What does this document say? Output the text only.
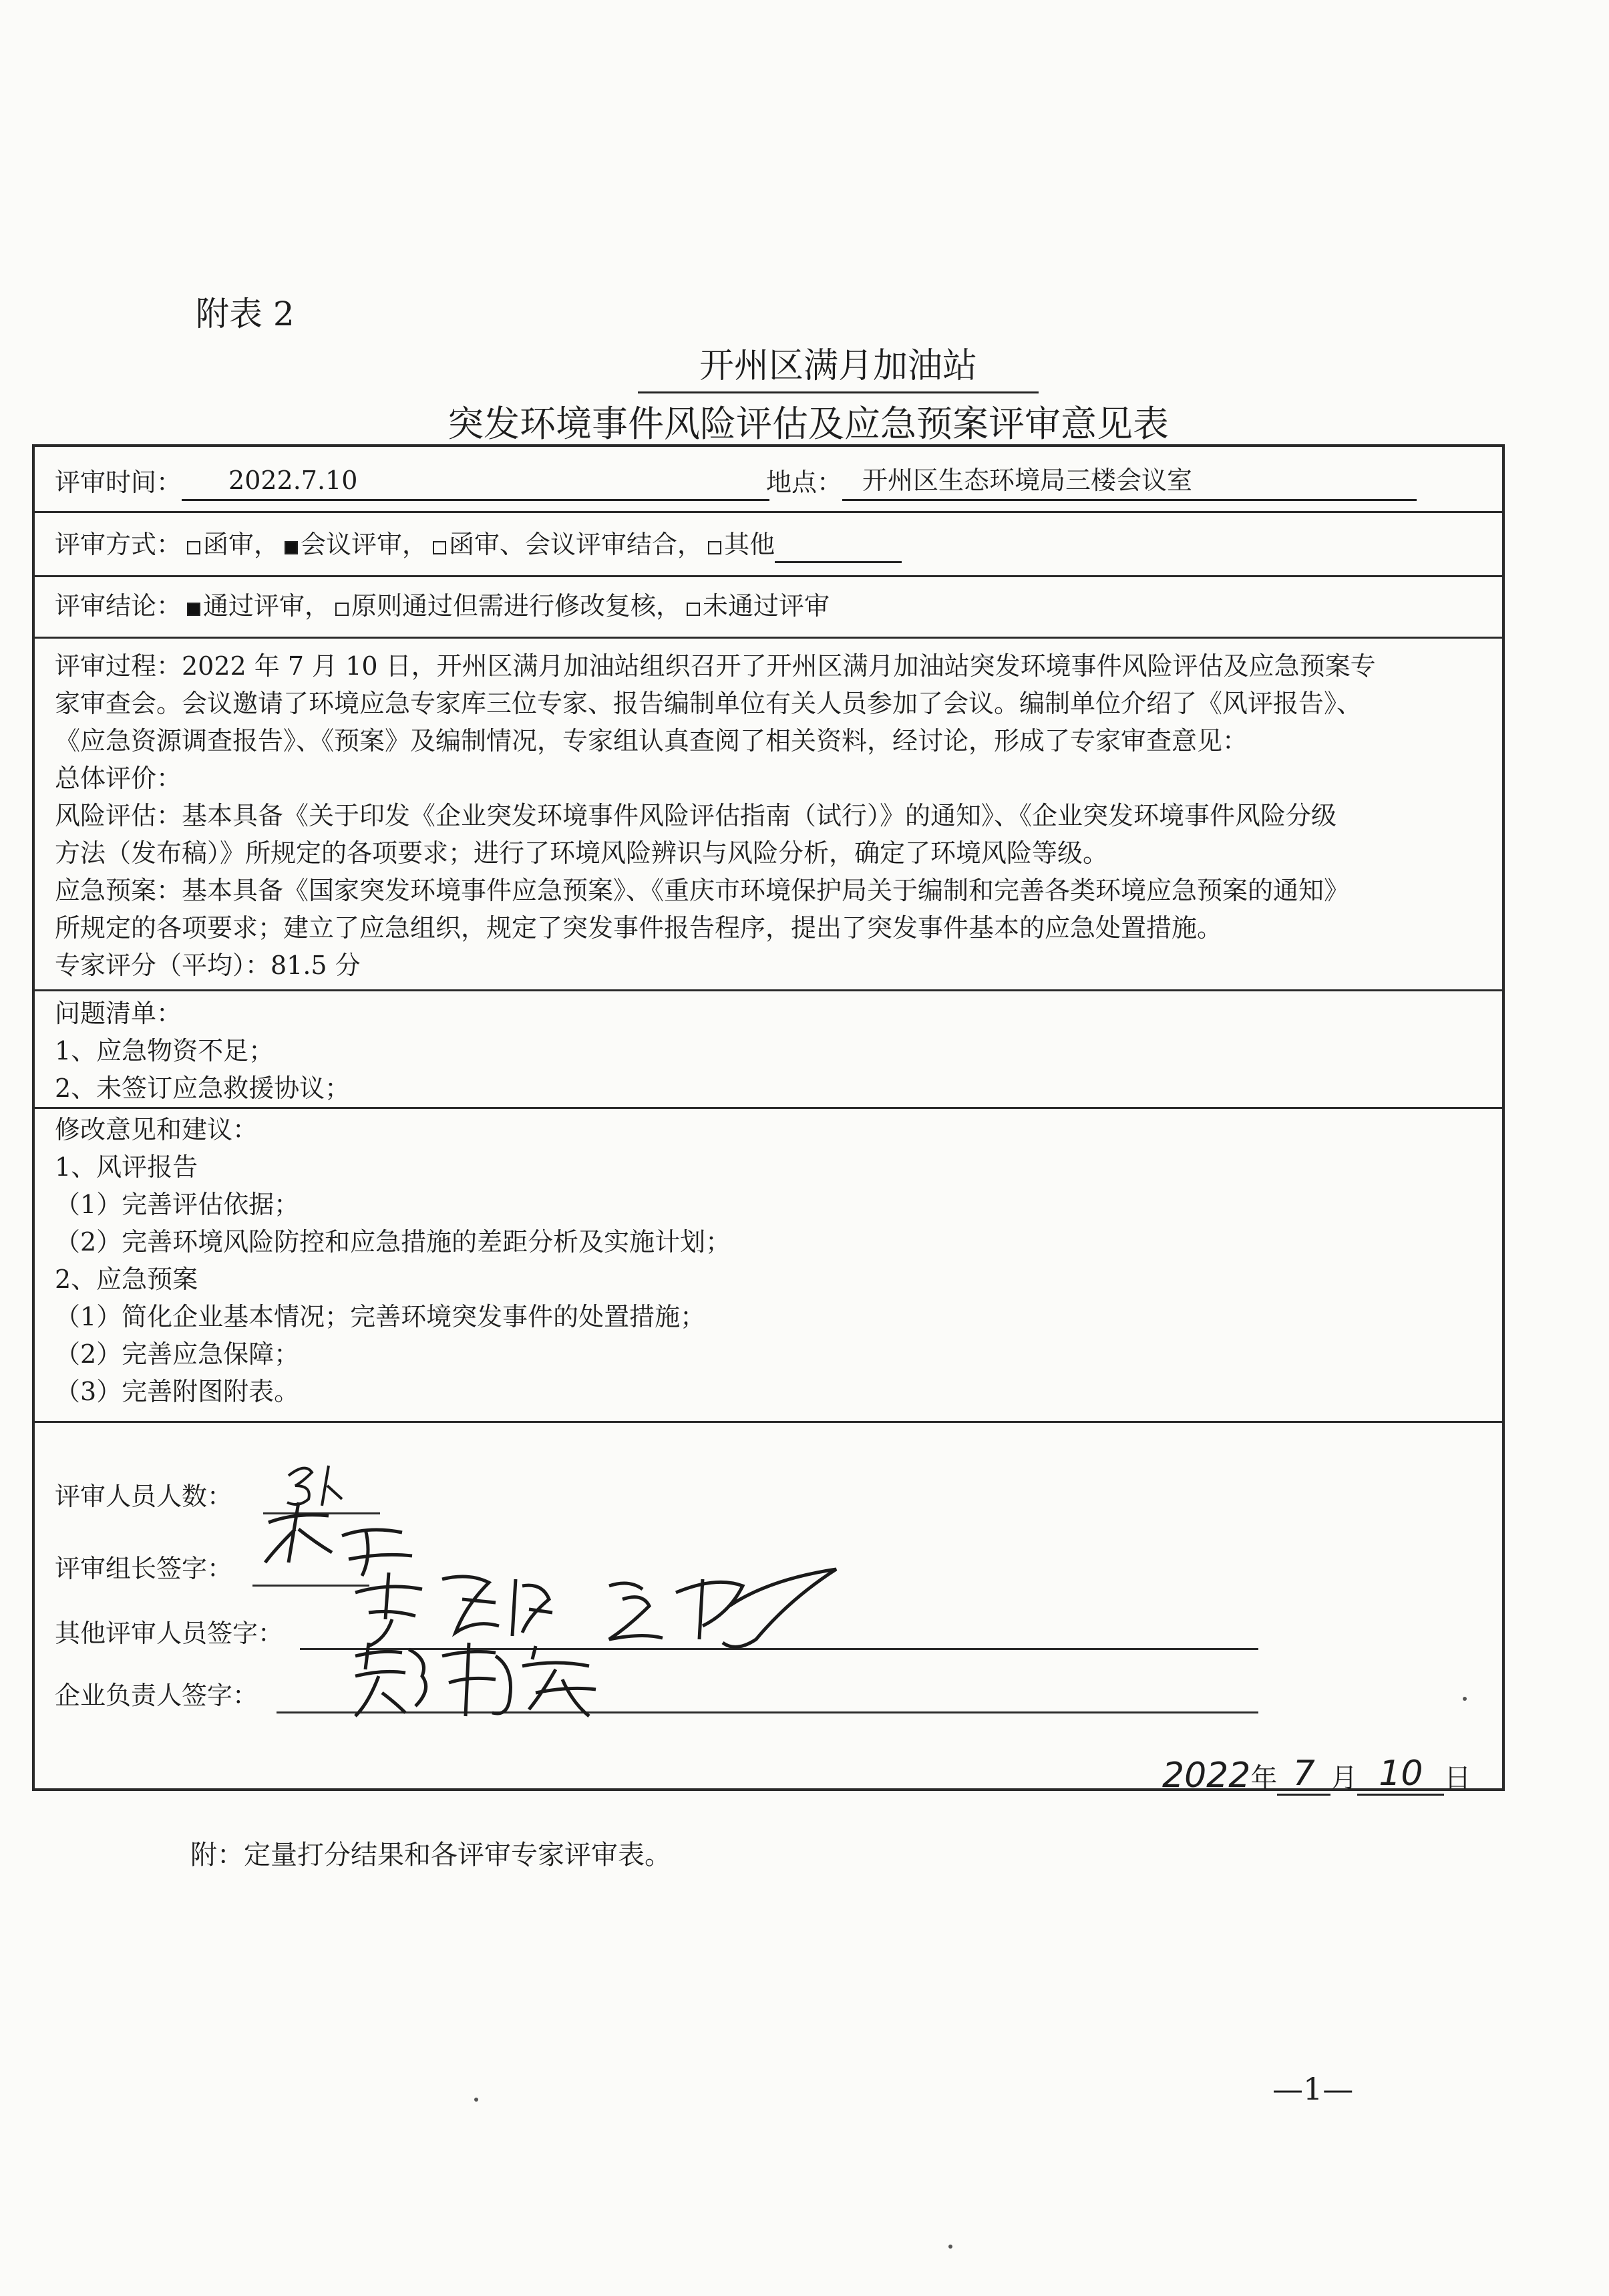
附表 2
开州区满月加油站
突发环境事件风险评估及应急预案评审意见表
评审时间： 2022.7.10	地点： 开州区生态环境局三楼会议室
评审方式： 函审， 会议评审， 函审、会议评审结合， 其他
评审结论： 通过评审， 原则通过但需进行修改复核， 未通过评审
评审过程：2022 年 7 月 10 日，开州区满月加油站组织召开了开州区满月加油站突发环境事件风险评估及应急预案专
家审查会。会议邀请了环境应急专家库三位专家、报告编制单位有关人员参加了会议。编制单位介绍了《风评报告》、
《应急资源调查报告》、《预案》及编制情况，专家组认真查阅了相关资料，经讨论，形成了专家审查意见：
总体评价：
风险评估：基本具备《关于印发《企业突发环境事件风险评估指南（试行）》的通知》、《企业突发环境事件风险分级
方法（发布稿）》所规定的各项要求；进行了环境风险辨识与风险分析，确定了环境风险等级。
应急预案：基本具备《国家突发环境事件应急预案》、《重庆市环境保护局关于编制和完善各类环境应急预案的通知》
所规定的各项要求；建立了应急组织，规定了突发事件报告程序，提出了突发事件基本的应急处置措施。
专家评分（平均）：81.5 分
问题清单：
1、应急物资不足；
2、未签订应急救援协议；
修改意见和建议：
1、风评报告
（1）完善评估依据；
（2）完善环境风险防控和应急措施的差距分析及实施计划；
2、应急预案
（1）简化企业基本情况；完善环境突发事件的处置措施；
（2）完善应急保障；
（3）完善附图附表。
评审人员人数：
评审组长签字：
其他评审人员签字：
企业负责人签字：
2022年 7 月 10 日
附：定量打分结果和各评审专家评审表。
—1—
